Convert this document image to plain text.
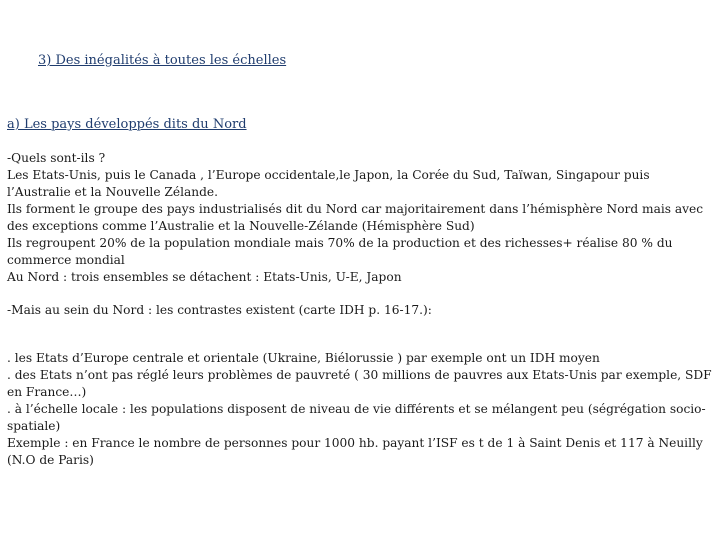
3) Des inégalités à toutes les échelles
a) Les pays développés dits du Nord

-Quels sont-ils ?

Les Etats-Unis, puis le Canada , l’Europe occidentale,le Japon, la Corée du Sud, Taïwan, Singapour puis l’Australie et la Nouvelle Zélande.

Ils forment le groupe des pays industrialisés dit du Nord car majoritairement dans l’hémisphère Nord mais avec des exceptions comme l’Australie et la Nouvelle-Zélande (Hémisphère Sud)

Ils regroupent 20% de la population mondiale mais 70% de la production et des richesses+ réalise 80 % du commerce mondial

Au Nord : trois ensembles se détachent : Etats-Unis, U-E, Japon

-Mais au sein du Nord : les contrastes existent (carte IDH p. 16-17.):

. les Etats d’Europe centrale et orientale (Ukraine, Biélorussie ) par exemple ont un IDH moyen

. des Etats n’ont pas réglé leurs problèmes de pauvreté ( 30 millions de pauvres aux Etats-Unis par exemple, SDF en France…)

. à l’échelle locale : les populations disposent de niveau de vie différents et se mélangent peu (ségrégation socio-spatiale)

Exemple : en France le nombre de personnes pour 1000 hb. payant l’ISF es t de 1 à Saint Denis et 117 à Neuilly (N.O de Paris)
